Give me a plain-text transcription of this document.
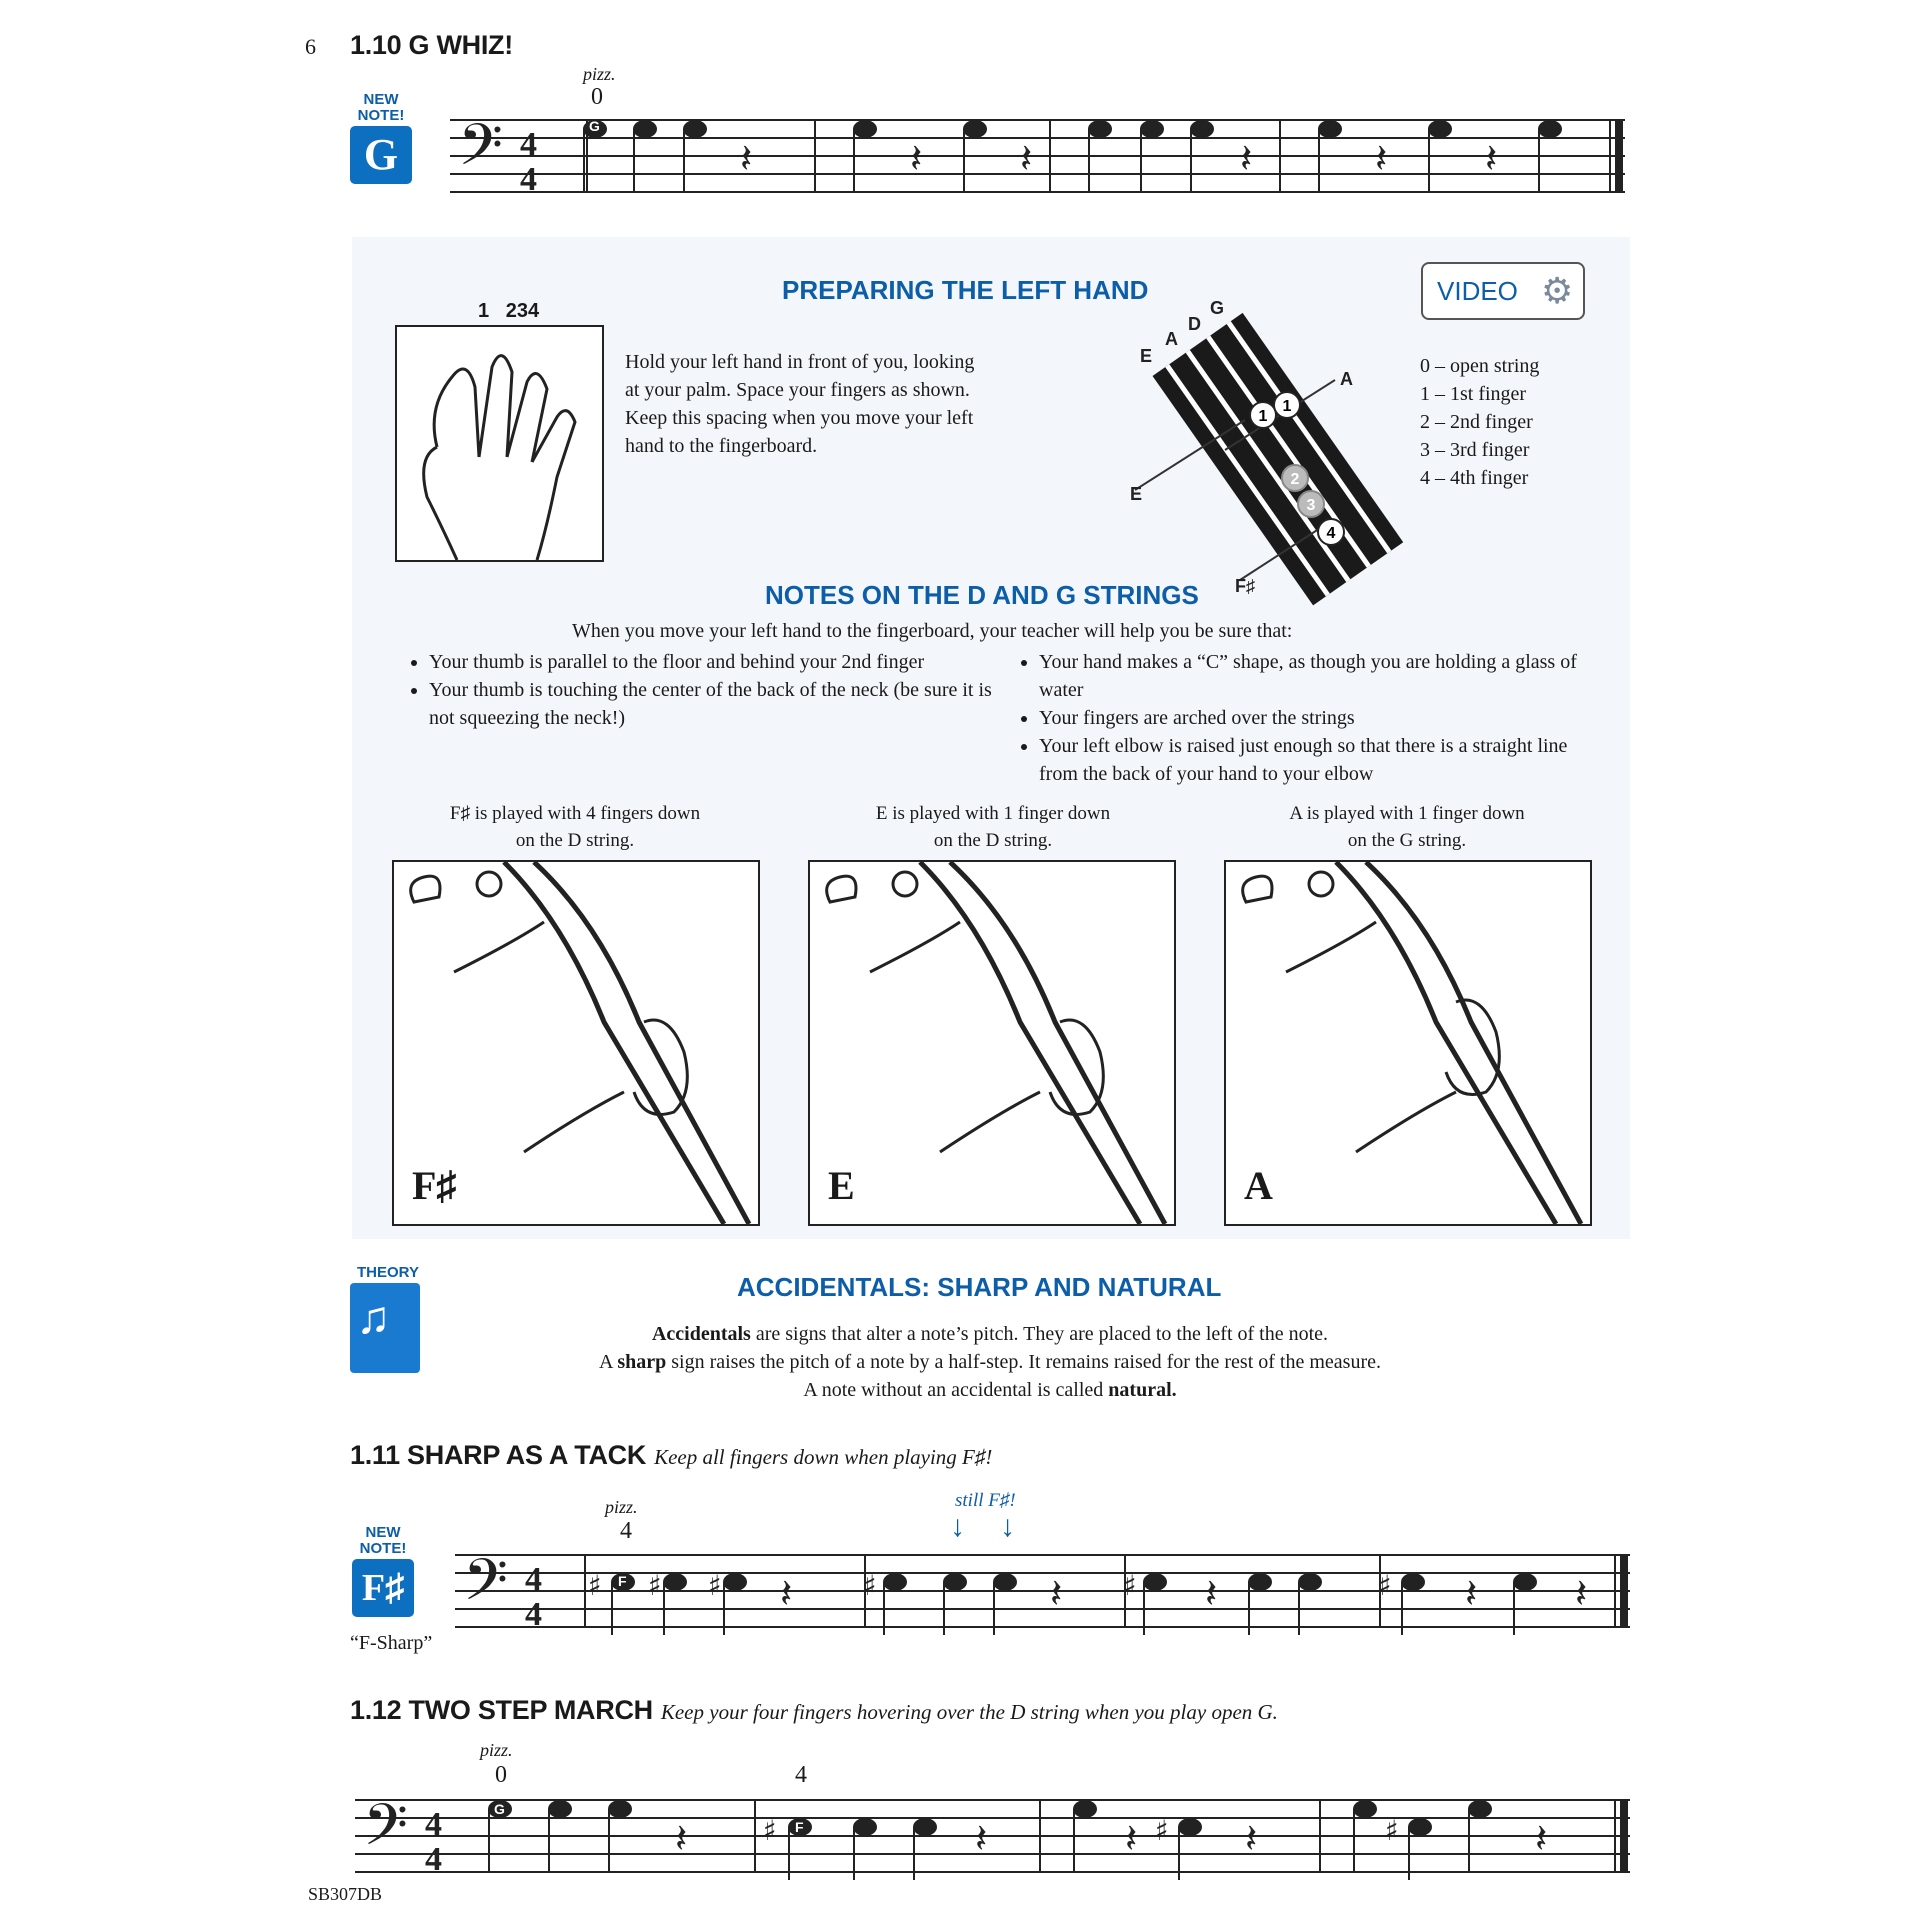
6 1.10 G WHIZ!
NEW NOTE!
G
pizz.
0
𝄢 4
4	𝄽	𝄽 𝄽	𝄽	𝄽 𝄽
G
PREPARING THE LEFT HAND
1   234
Hold your left hand in front of you, looking at your palm. Space your fingers as shown. Keep this spacing when you move your left hand to the fingerboard.
1
1
2
3
4
E
A
D
G
A
E
F♯
VIDEO ⚙
0 – open string
1 – 1st finger
2 – 2nd finger
3 – 3rd finger
4 – 4th finger
NOTES ON THE D AND G STRINGS
When you move your left hand to the fingerboard, your teacher will help you be sure that:
• Your thumb is parallel to the floor and behind your 2nd finger
• Your thumb is touching the center of the back of the neck (be sure it is not squeezing the neck!)
• Your hand makes a “C” shape, as though you are holding a glass of water
• Your fingers are arched over the strings
• Your left elbow is raised just enough so that there is a straight line from the back of your hand to your elbow
F♯ is played with 4 fingers down
on the D string.
E is played with 1 finger down
on the D string.
A is played with 1 finger down
on the G string.
F♯	E	A
THEORY
♫
ACCIDENTALS: SHARP AND NATURAL
Accidentals are signs that alter a note’s pitch. They are placed to the left of the note.
A sharp sign raises the pitch of a note by a half-step. It remains raised for the rest of the measure.
A note without an accidental is called natural.
1.11 SHARP AS A TACK Keep all fingers down when playing F♯!
NEW NOTE!
F♯
“F-Sharp”
pizz.
4
still F♯!
↓ ↓
𝄢 4
4
♯ ♯ ♯	♯	♯	♯
𝄽	𝄽	𝄽	𝄽 𝄽
F
1.12 TWO STEP MARCH Keep your four fingers hovering over the D string when you play open G.
pizz.
0	4
𝄢 4
4
♯	♯	♯
𝄽	𝄽	𝄽	𝄽	𝄽
G
F
SB307DB
